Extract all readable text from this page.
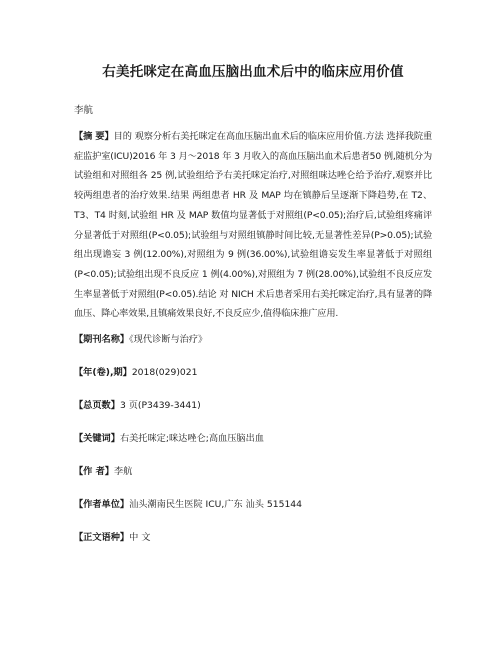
右美托咪定在高血压脑出血术后中的临床应用价值
李航
【摘 要】目的 观察分析右美托咪定在高血压脑出血术后的临床应用价值.方法 选择我院重症监护室(ICU)2016 年 3 月～2018 年 3 月收入的高血压脑出血术后患者50 例,随机分为试验组和对照组各 25 例,试验组给予右美托咪定治疗,对照组咪达唑仑给予治疗,观察并比较两组患者的治疗效果.结果 两组患者 HR 及 MAP 均在镇静后呈逐渐下降趋势,在 T2、T3、T4 时刻,试验组 HR 及 MAP 数值均显著低于对照组(P<0.05);治疗后,试验组疼痛评分显著低于对照组(P<0.05);试验组与对照组镇静时间比较,无显著性差异(P>0.05);试验组出现谵妄 3 例(12.00%),对照组为 9 例(36.00%),试验组谵妄发生率显著低于对照组(P<0.05);试验组出现不良反应 1 例(4.00%),对照组为 7 例(28.00%),试验组不良反应发生率显著低于对照组(P<0.05).结论 对 NICH 术后患者采用右美托咪定治疗,具有显著的降血压、降心率效果,且镇痛效果良好,不良反应少,值得临床推广应用.
【期刊名称】《现代诊断与治疗》
【年(卷),期】2018(029)021
【总页数】3 页(P3439-3441)
【关键词】右美托咪定;咪达唑仑;高血压脑出血
【作 者】李航
【作者单位】汕头潮南民生医院 ICU,广东 汕头 515144
【正文语种】中 文
